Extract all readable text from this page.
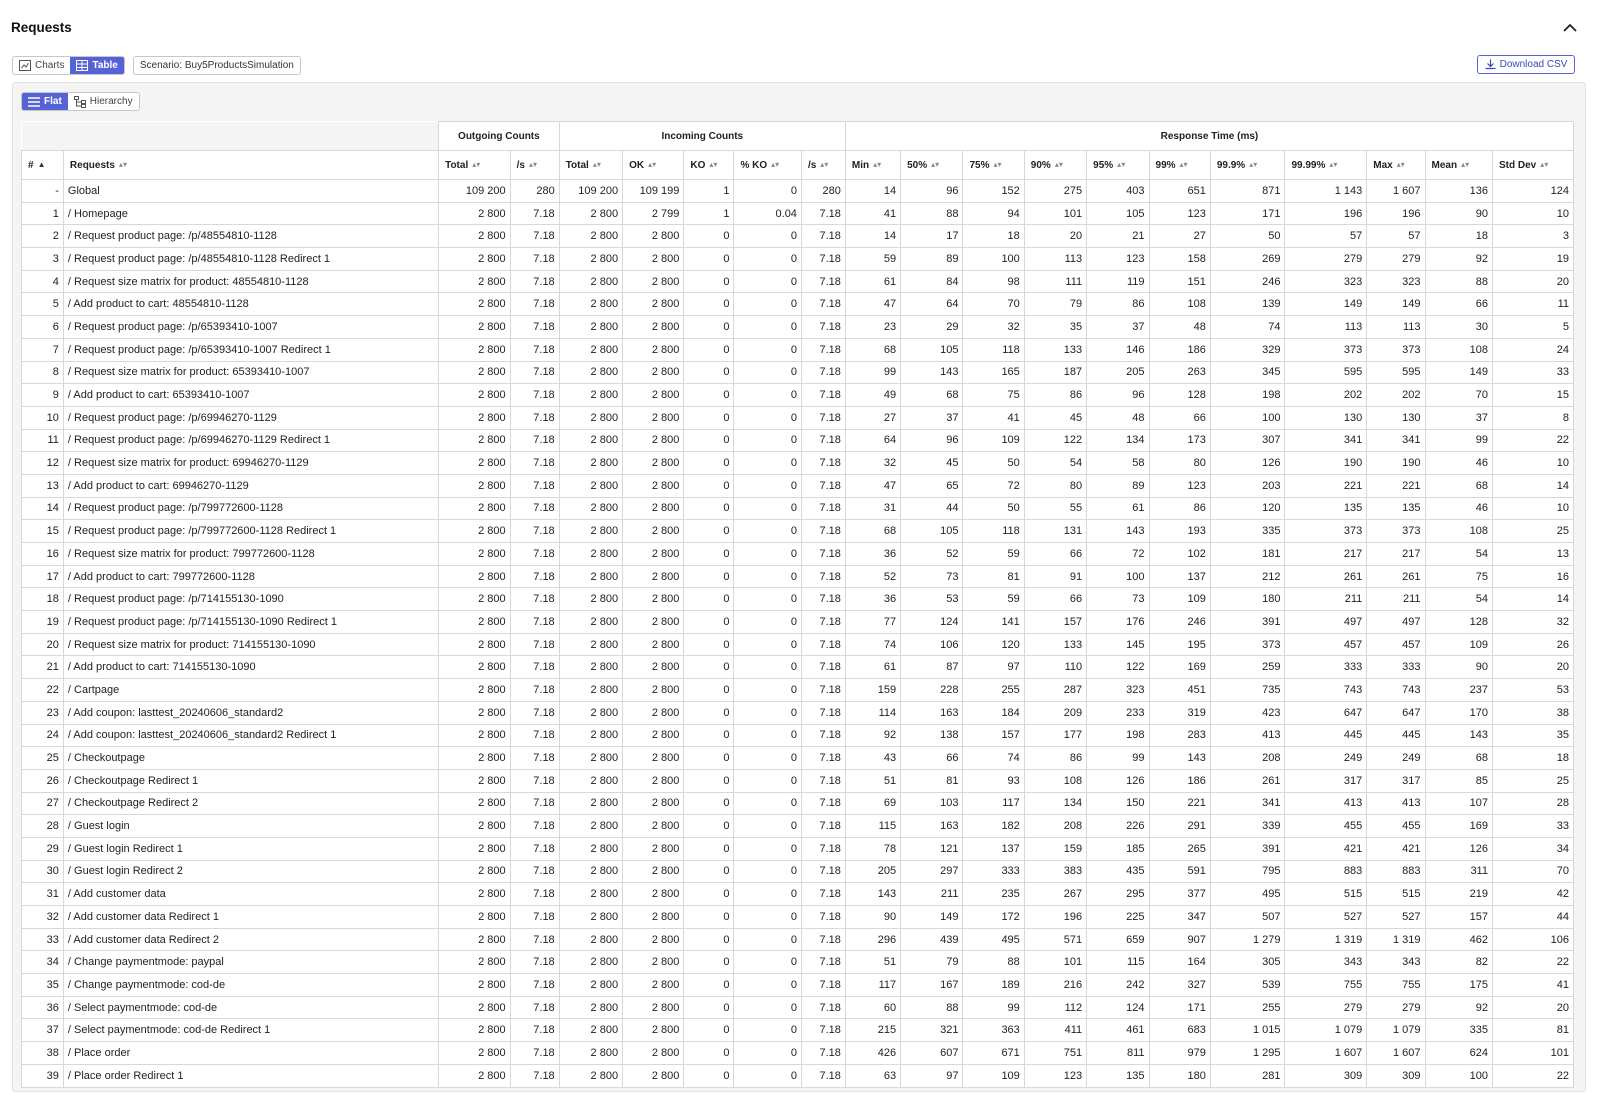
Requests
Charts	Table	Scenario: Buy5ProductsSimulation	Download CSV
Flat	Hierarchy
		Outgoing Counts		Incoming Counts					Response Time (ms)										
# ▲	Requests ▴▾	Total ▴▾	/s ▴▾	Total ▴▾	OK ▴▾	KO ▴▾	% KO ▴▾	/s ▴▾	Min ▴▾	50% ▴▾	75% ▴▾	90% ▴▾	95% ▴▾	99% ▴▾	99.9% ▴▾	99.99% ▴▾	Max ▴▾	Mean ▴▾	Std Dev ▴▾
-	Global	109 200	280	109 200	109 199	1	0	280	14	96	152	275	403	651	871	1 143	1 607	136	124
1	/ Homepage	2 800	7.18	2 800	2 799	1	0.04	7.18	41	88	94	101	105	123	171	196	196	90	10
2	/ Request product page: /p/48554810-1128	2 800	7.18	2 800	2 800	0	0	7.18	14	17	18	20	21	27	50	57	57	18	3
3	/ Request product page: /p/48554810-1128 Redirect 1	2 800	7.18	2 800	2 800	0	0	7.18	59	89	100	113	123	158	269	279	279	92	19
4	/ Request size matrix for product: 48554810-1128	2 800	7.18	2 800	2 800	0	0	7.18	61	84	98	111	119	151	246	323	323	88	20
5	/ Add product to cart: 48554810-1128	2 800	7.18	2 800	2 800	0	0	7.18	47	64	70	79	86	108	139	149	149	66	11
6	/ Request product page: /p/65393410-1007	2 800	7.18	2 800	2 800	0	0	7.18	23	29	32	35	37	48	74	113	113	30	5
7	/ Request product page: /p/65393410-1007 Redirect 1	2 800	7.18	2 800	2 800	0	0	7.18	68	105	118	133	146	186	329	373	373	108	24
8	/ Request size matrix for product: 65393410-1007	2 800	7.18	2 800	2 800	0	0	7.18	99	143	165	187	205	263	345	595	595	149	33
9	/ Add product to cart: 65393410-1007	2 800	7.18	2 800	2 800	0	0	7.18	49	68	75	86	96	128	198	202	202	70	15
10	/ Request product page: /p/69946270-1129	2 800	7.18	2 800	2 800	0	0	7.18	27	37	41	45	48	66	100	130	130	37	8
11	/ Request product page: /p/69946270-1129 Redirect 1	2 800	7.18	2 800	2 800	0	0	7.18	64	96	109	122	134	173	307	341	341	99	22
12	/ Request size matrix for product: 69946270-1129	2 800	7.18	2 800	2 800	0	0	7.18	32	45	50	54	58	80	126	190	190	46	10
13	/ Add product to cart: 69946270-1129	2 800	7.18	2 800	2 800	0	0	7.18	47	65	72	80	89	123	203	221	221	68	14
14	/ Request product page: /p/799772600-1128	2 800	7.18	2 800	2 800	0	0	7.18	31	44	50	55	61	86	120	135	135	46	10
15	/ Request product page: /p/799772600-1128 Redirect 1	2 800	7.18	2 800	2 800	0	0	7.18	68	105	118	131	143	193	335	373	373	108	25
16	/ Request size matrix for product: 799772600-1128	2 800	7.18	2 800	2 800	0	0	7.18	36	52	59	66	72	102	181	217	217	54	13
17	/ Add product to cart: 799772600-1128	2 800	7.18	2 800	2 800	0	0	7.18	52	73	81	91	100	137	212	261	261	75	16
18	/ Request product page: /p/714155130-1090	2 800	7.18	2 800	2 800	0	0	7.18	36	53	59	66	73	109	180	211	211	54	14
19	/ Request product page: /p/714155130-1090 Redirect 1	2 800	7.18	2 800	2 800	0	0	7.18	77	124	141	157	176	246	391	497	497	128	32
20	/ Request size matrix for product: 714155130-1090	2 800	7.18	2 800	2 800	0	0	7.18	74	106	120	133	145	195	373	457	457	109	26
21	/ Add product to cart: 714155130-1090	2 800	7.18	2 800	2 800	0	0	7.18	61	87	97	110	122	169	259	333	333	90	20
22	/ Cartpage	2 800	7.18	2 800	2 800	0	0	7.18	159	228	255	287	323	451	735	743	743	237	53
23	/ Add coupon: lasttest_20240606_standard2	2 800	7.18	2 800	2 800	0	0	7.18	114	163	184	209	233	319	423	647	647	170	38
24	/ Add coupon: lasttest_20240606_standard2 Redirect 1	2 800	7.18	2 800	2 800	0	0	7.18	92	138	157	177	198	283	413	445	445	143	35
25	/ Checkoutpage	2 800	7.18	2 800	2 800	0	0	7.18	43	66	74	86	99	143	208	249	249	68	18
26	/ Checkoutpage Redirect 1	2 800	7.18	2 800	2 800	0	0	7.18	51	81	93	108	126	186	261	317	317	85	25
27	/ Checkoutpage Redirect 2	2 800	7.18	2 800	2 800	0	0	7.18	69	103	117	134	150	221	341	413	413	107	28
28	/ Guest login	2 800	7.18	2 800	2 800	0	0	7.18	115	163	182	208	226	291	339	455	455	169	33
29	/ Guest login Redirect 1	2 800	7.18	2 800	2 800	0	0	7.18	78	121	137	159	185	265	391	421	421	126	34
30	/ Guest login Redirect 2	2 800	7.18	2 800	2 800	0	0	7.18	205	297	333	383	435	591	795	883	883	311	70
31	/ Add customer data	2 800	7.18	2 800	2 800	0	0	7.18	143	211	235	267	295	377	495	515	515	219	42
32	/ Add customer data Redirect 1	2 800	7.18	2 800	2 800	0	0	7.18	90	149	172	196	225	347	507	527	527	157	44
33	/ Add customer data Redirect 2	2 800	7.18	2 800	2 800	0	0	7.18	296	439	495	571	659	907	1 279	1 319	1 319	462	106
34	/ Change paymentmode: paypal	2 800	7.18	2 800	2 800	0	0	7.18	51	79	88	101	115	164	305	343	343	82	22
35	/ Change paymentmode: cod-de	2 800	7.18	2 800	2 800	0	0	7.18	117	167	189	216	242	327	539	755	755	175	41
36	/ Select paymentmode: cod-de	2 800	7.18	2 800	2 800	0	0	7.18	60	88	99	112	124	171	255	279	279	92	20
37	/ Select paymentmode: cod-de Redirect 1	2 800	7.18	2 800	2 800	0	0	7.18	215	321	363	411	461	683	1 015	1 079	1 079	335	81
38	/ Place order	2 800	7.18	2 800	2 800	0	0	7.18	426	607	671	751	811	979	1 295	1 607	1 607	624	101
39	/ Place order Redirect 1	2 800	7.18	2 800	2 800	0	0	7.18	63	97	109	123	135	180	281	309	309	100	22
